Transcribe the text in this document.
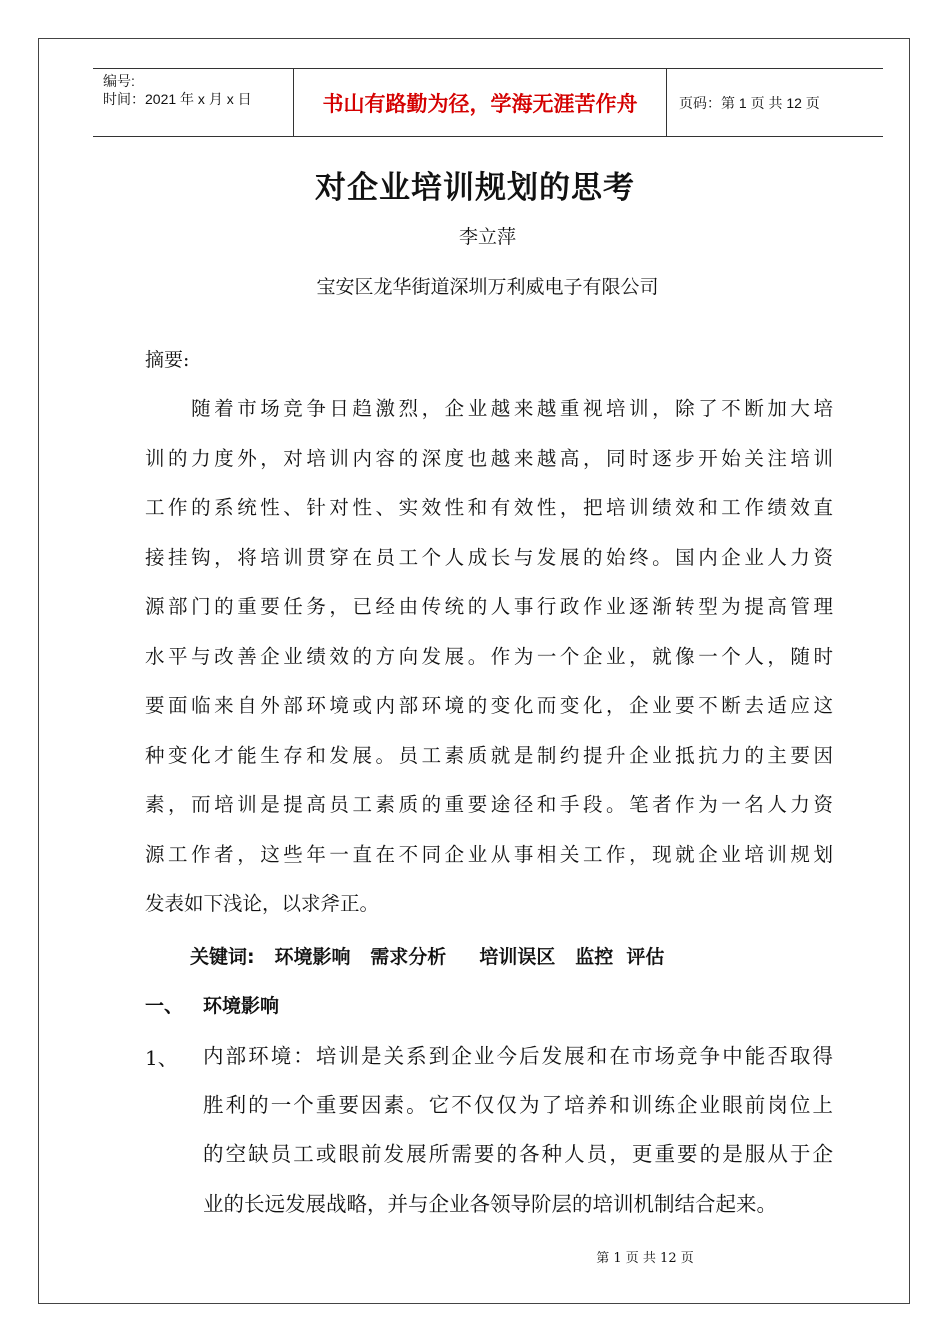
编号:
时间：2021 年 x 月 x 日	书山有路勤为径，学海无涯苦作舟	页码：第 1 页 共 12 页
对企业培训规划的思考
李立萍
宝安区龙华街道深圳万利威电子有限公司
摘要:
　　随着市场竞争日趋激烈，企业越来越重视培训，除了不断加大培
训的力度外，对培训内容的深度也越来越高，同时逐步开始关注培训
工作的系统性、针对性、实效性和有效性，把培训绩效和工作绩效直
接挂钩，将培训贯穿在员工个人成长与发展的始终。国内企业人力资
源部门的重要任务，已经由传统的人事行政作业逐渐转型为提高管理
水平与改善企业绩效的方向发展。作为一个企业，就像一个人，随时
要面临来自外部环境或内部环境的变化而变化，企业要不断去适应这
种变化才能生存和发展。员工素质就是制约提升企业抵抗力的主要因
素，而培训是提高员工素质的重要途径和手段。笔者作为一名人力资
源工作者，这些年一直在不同企业从事相关工作，现就企业培训规划
发表如下浅论，以求斧正。
关键词:   环境影响   需求分析     培训误区   监控  评估
一、 环境影响
1、 内部环境：培训是关系到企业今后发展和在市场竞争中能否取得
胜利的一个重要因素。它不仅仅为了培养和训练企业眼前岗位上
的空缺员工或眼前发展所需要的各种人员，更重要的是服从于企
业的长远发展战略，并与企业各领导阶层的培训机制结合起来。
第 1 页 共 12 页
